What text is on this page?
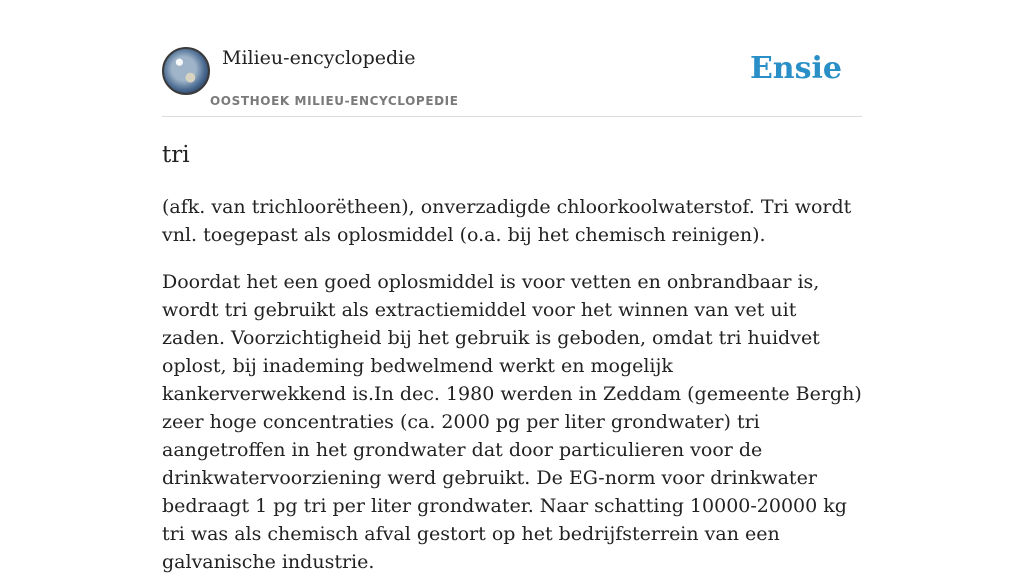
Milieu-encyclopedie
OOSTHOEK MILIEU-ENCYCLOPEDIE
Ensie
tri

(afk. van trichloorëtheen), onverzadigde chloorkoolwaterstof. Tri wordt vnl. toegepast als oplosmiddel (o.a. bij het chemisch reinigen).

Doordat het een goed oplosmiddel is voor vetten en onbrandbaar is, wordt tri gebruikt als extractiemiddel voor het winnen van vet uit zaden. Voorzichtigheid bij het gebruik is geboden, omdat tri huidvet oplost, bij inademing bedwelmend werkt en mogelijk kankerverwekkend is.In dec. 1980 werden in Zeddam (gemeente Bergh) zeer hoge concentraties (ca. 2000 pg per liter grondwater) tri aangetroffen in het grondwater dat door particulieren voor de drinkwatervoorziening werd gebruikt. De EG-norm voor drinkwater bedraagt 1 pg tri per liter grondwater. Naar schatting 10000-20000 kg tri was als chemisch afval gestort op het bedrijfsterrein van een galvanische industrie.
